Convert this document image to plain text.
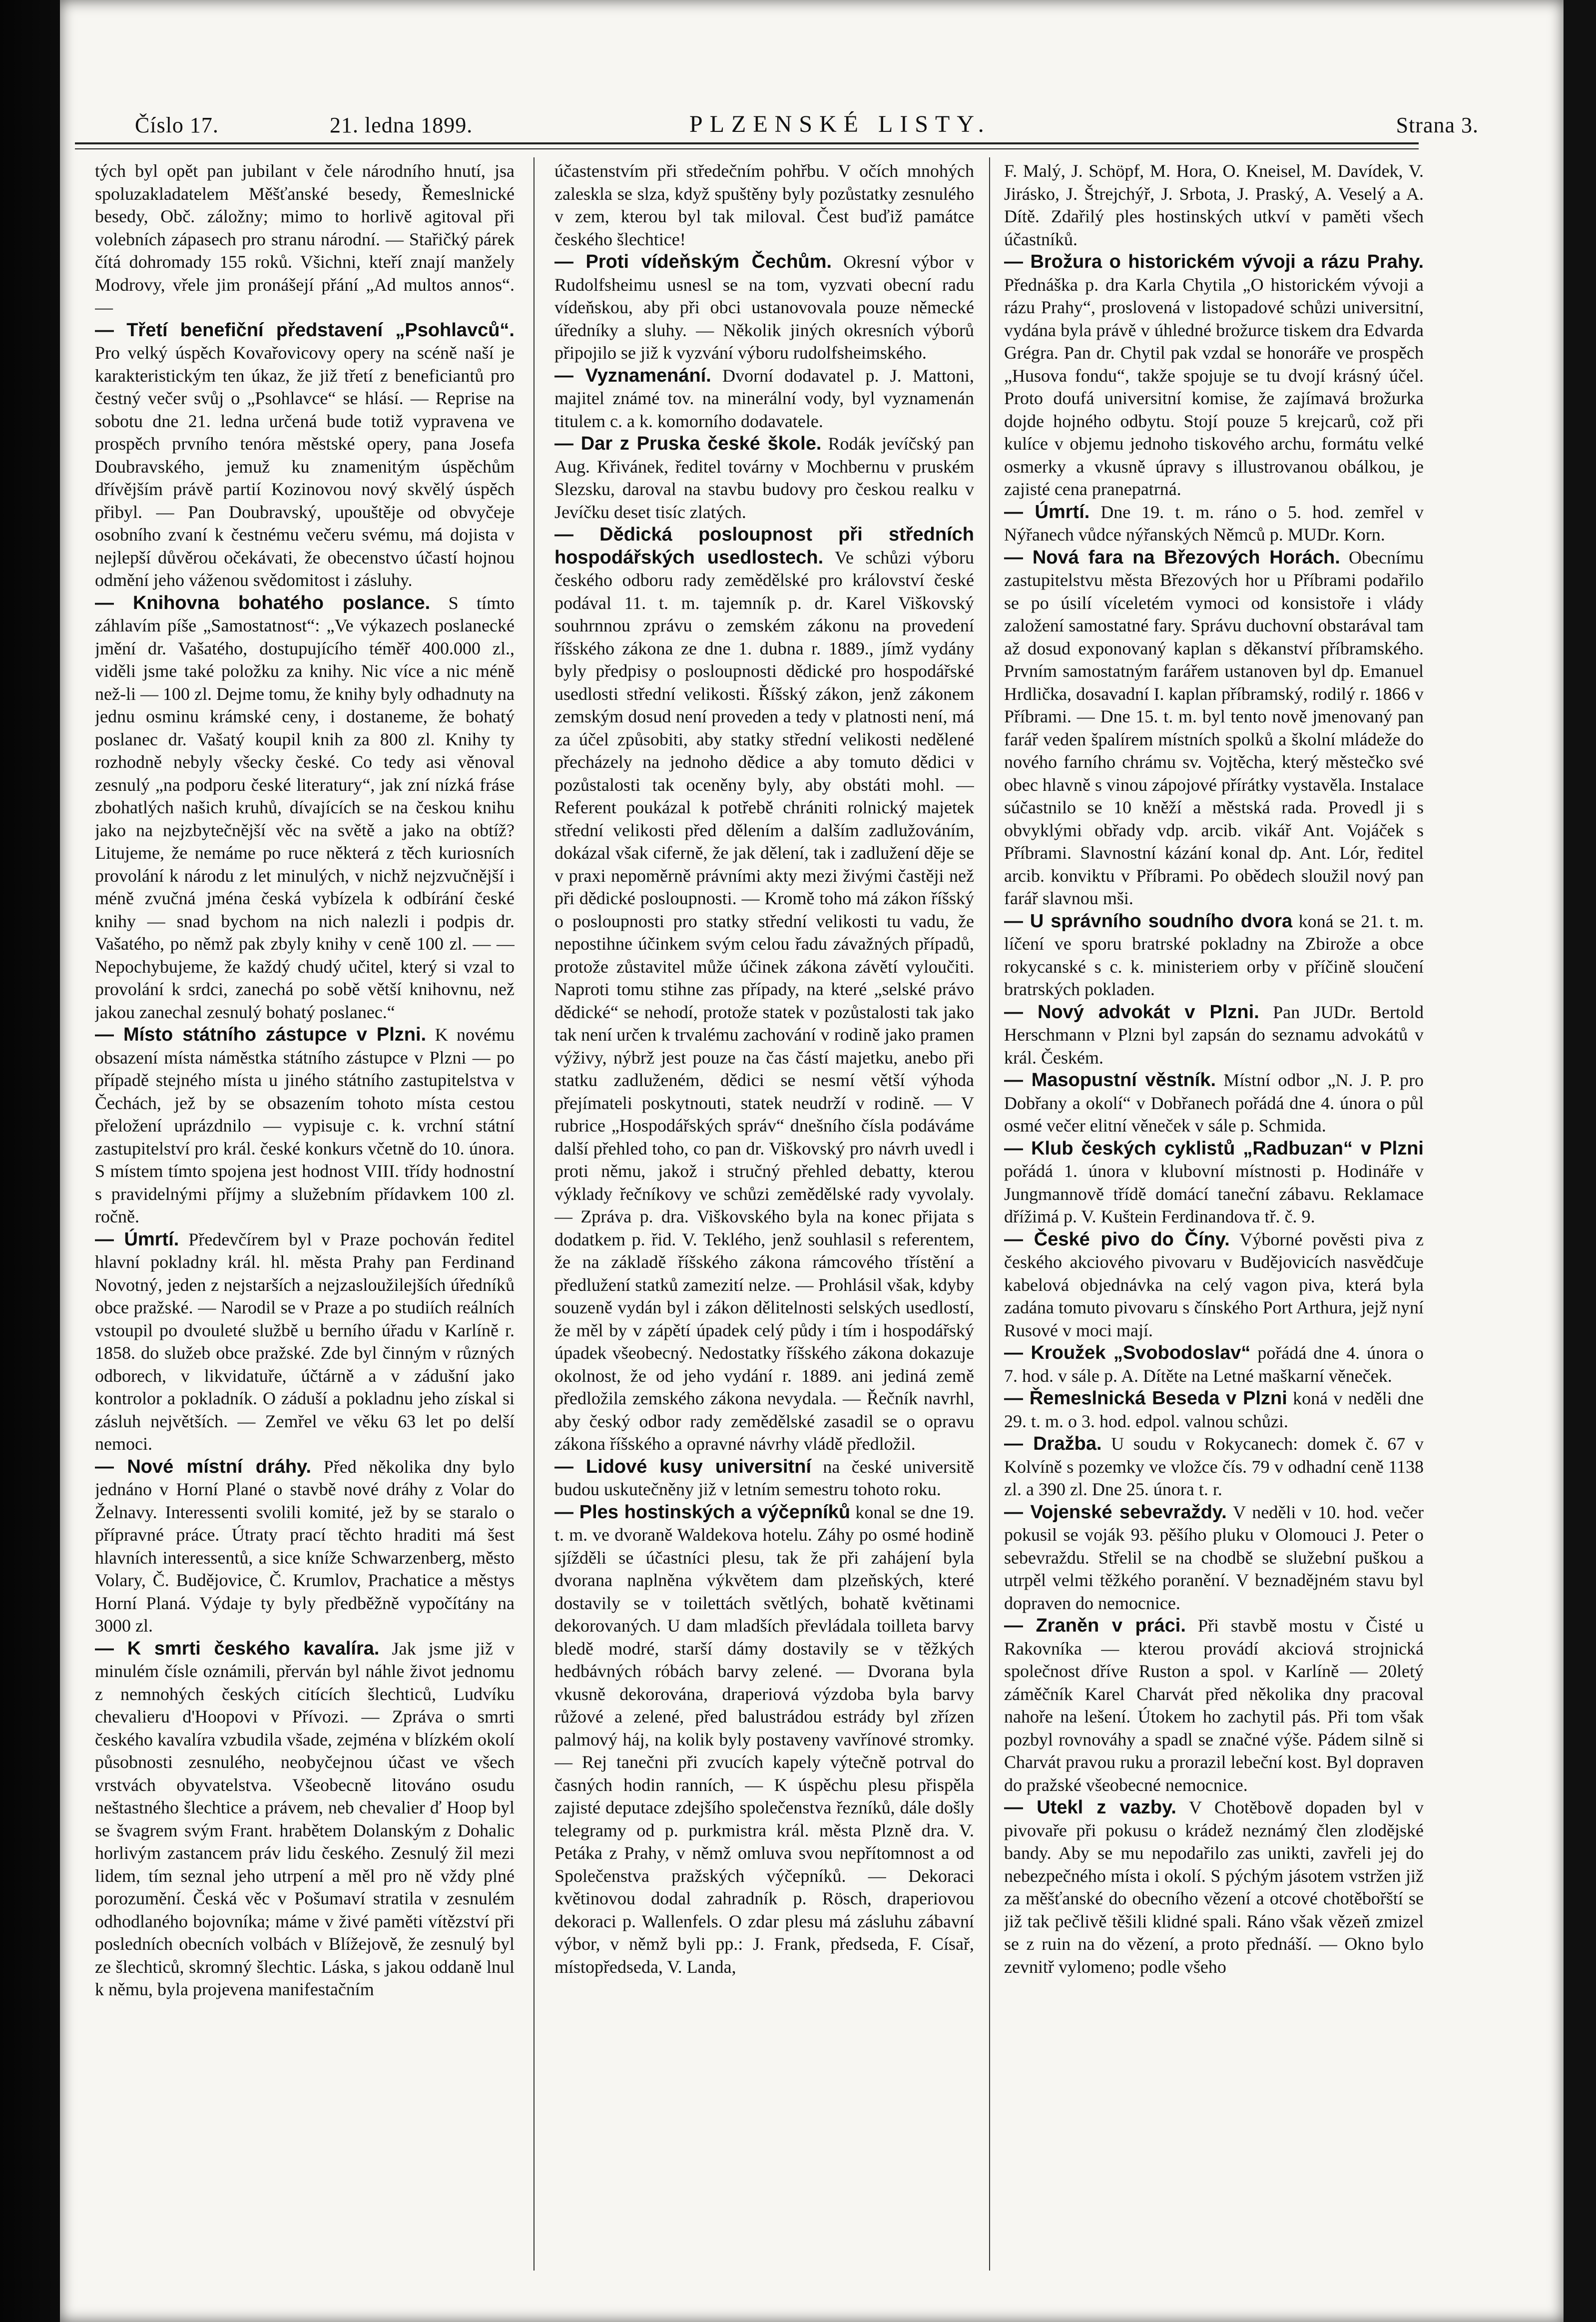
Číslo 17.	21. ledna 1899.	PLZENSKÉ LISTY.	Strana 3.

tých byl opět pan jubilant v čele národního hnutí, jsa spoluzakladatelem Měšťanské besedy, Řemeslnické besedy, Obč. záložny; mimo to horlivě agitoval při volebních zápasech pro stranu národní. — Stařičký párek čítá dohromady 155 roků. Všichni, kteří znají manžely Modrovy, vřele jim pronášejí přání „Ad multos annos“. —

— Třetí benefiční představení „Psohlavců“. Pro velký úspěch Kovařovicovy opery na scéně naší je karakteristickým ten úkaz, že již třetí z beneficiantů pro čestný večer svůj o „Psohlavce“ se hlásí. — Reprise na sobotu dne 21. ledna určená bude totiž vypravena ve prospěch prvního tenóra městské opery, pana Josefa Doubravského, jemuž ku znamenitým úspěchům dřívějším právě partií Kozinovou nový skvělý úspěch přibyl. — Pan Doubravský, upouštěje od obvyčeje osobního zvaní k čestnému večeru svému, má dojista v nejlepší důvěrou očekávati, že obecenstvo účastí hojnou odmění jeho váženou svědomitost i zásluhy.

— Knihovna bohatého poslance. S tímto záhlavím píše „Samostatnost“: „Ve výkazech poslanecké jmění dr. Vašatého, dostupujícího téměř 400.000 zl., viděli jsme také položku za knihy. Nic více a nic méně než-li — 100 zl. Dejme tomu, že knihy byly odhadnuty na jednu osminu krámské ceny, i dostaneme, že bohatý poslanec dr. Vašatý koupil knih za 800 zl. Knihy ty rozhodně nebyly všecky české. Co tedy asi věnoval zesnulý „na podporu české literatury“, jak zní nízká fráse zbohatlých našich kruhů, dívajících se na českou knihu jako na nejzbytečnější věc na světě a jako na obtíž? Litujeme, že nemáme po ruce některá z těch kuriosních provolání k národu z let minulých, v nichž nejzvučnější i méně zvučná jména česká vybízela k odbírání české knihy — snad bychom na nich nalezli i podpis dr. Vašatého, po němž pak zbyly knihy v ceně 100 zl. — — Nepochybujeme, že každý chudý učitel, který si vzal to provolání k srdci, zanechá po sobě větší knihovnu, než jakou zanechal zesnulý bohatý poslanec.“

— Místo státního zástupce v Plzni. K novému obsazení místa náměstka státního zástupce v Plzni — po případě stejného místa u jiného státního zastupitelstva v Čechách, jež by se obsazením tohoto místa cestou přeložení uprázdnilo — vypisuje c. k. vrchní státní zastupitelství pro král. české konkurs včetně do 10. února. S místem tímto spojena jest hodnost VIII. třídy hodnostní s pravidelnými příjmy a služebním přídavkem 100 zl. ročně.

— Úmrtí. Předevčírem byl v Praze pochován ředitel hlavní pokladny král. hl. města Prahy pan Ferdinand Novotný, jeden z nejstarších a nejzasloužilejších úředníků obce pražské. — Narodil se v Praze a po studiích reálních vstoupil po dvouleté službě u berního úřadu v Karlíně r. 1858. do služeb obce pražské. Zde byl činným v různých odborech, v likvidatuře, účtárně a v zádušní jako kontrolor a pokladník. O záduší a pokladnu jeho získal si zásluh největších. — Zemřel ve věku 63 let po delší nemoci.

— Nové místní dráhy. Před několika dny bylo jednáno v Horní Plané o stavbě nové dráhy z Volar do Želnavy. Interessenti svolili komité, jež by se staralo o přípravné práce. Útraty prací těchto hraditi má šest hlavních interessentů, a sice kníže Schwarzenberg, město Volary, Č. Budějovice, Č. Krumlov, Prachatice a městys Horní Planá. Výdaje ty byly předběžně vypočítány na 3000 zl.

— K smrti českého kavalíra. Jak jsme již v minulém čísle oznámili, přerván byl náhle život jednomu z nemnohých českých citících šlechticů, Ludvíku chevalieru d'Hoopovi v Přívozi. — Zpráva o smrti českého kavalíra vzbudila všade, zejména v blízkém okolí působnosti zesnulého, neobyčejnou účast ve všech vrstvách obyvatelstva. Všeobecně litováno osudu neštastného šlechtice a právem, neb chevalier ď Hoop byl se švagrem svým Frant. hrabětem Dolanským z Dohalic horlivým zastancem práv lidu českého. Zesnulý žil mezi lidem, tím seznal jeho utrpení a měl pro ně vždy plné porozumění. Česká věc v Pošumaví stratila v zesnulém odhodlaného bojovníka; máme v živé paměti vítězství při posledních obecních volbách v Blížejově, že zesnulý byl ze šlechticů, skromný šlechtic. Láska, s jakou oddaně lnul k němu, byla projevena manifestačním

účastenstvím při středečním pohřbu. V očích mnohých zaleskla se slza, když spuštěny byly pozůstatky zesnulého v zem, kterou byl tak miloval. Čest buďiž památce českého šlechtice!

— Proti vídeňským Čechům. Okresní výbor v Rudolfsheimu usnesl se na tom, vyzvati obecní radu vídeňskou, aby při obci ustanovovala pouze německé úředníky a sluhy. — Několik jiných okresních výborů připojilo se již k vyzvání výboru rudolfsheimského.

— Vyznamenání. Dvorní dodavatel p. J. Mattoni, majitel známé tov. na minerální vody, byl vyznamenán titulem c. a k. komorního dodavatele.

— Dar z Pruska české škole. Rodák jevíčský pan Aug. Křivánek, ředitel továrny v Mochbernu v pruském Slezsku, daroval na stavbu budovy pro českou realku v Jevíčku deset tisíc zlatých.

— Dědická posloupnost při středních hospodářských usedlostech. Ve schůzi výboru českého odboru rady zemědělské pro království české podával 11. t. m. tajemník p. dr. Karel Viškovský souhrnnou zprávu o zemském zákonu na provedení říšského zákona ze dne 1. dubna r. 1889., jímž vydány byly předpisy o posloupnosti dědické pro hospodářské usedlosti střední velikosti. Říšský zákon, jenž zákonem zemským dosud není proveden a tedy v platnosti není, má za účel způsobiti, aby statky střední velikosti nedělené přecházely na jednoho dědice a aby tomuto dědici v pozůstalosti tak oceněny byly, aby obstáti mohl. — Referent poukázal k potřebě chrániti rolnický majetek střední velikosti před dělením a dalším zadlužováním, dokázal však ciferně, že jak dělení, tak i zadlužení děje se v praxi nepoměrně právními akty mezi živými častěji než při dědické posloupnosti. — Kromě toho má zákon říšský o posloupnosti pro statky střední velikosti tu vadu, že nepostihne účinkem svým celou řadu závažných případů, protože zůstavitel může účinek zákona závětí vyloučiti. Naproti tomu stihne zas případy, na které „selské právo dědické“ se nehodí, protože statek v pozůstalosti tak jako tak není určen k trvalému zachování v rodině jako pramen výživy, nýbrž jest pouze na čas částí majetku, anebo při statku zadluženém, dědici se nesmí větší výhoda přejímateli poskytnouti, statek neudrží v rodině. — V rubrice „Hospodářských správ“ dnešního čísla podáváme další přehled toho, co pan dr. Viškovský pro návrh uvedl i proti němu, jakož i stručný přehled debatty, kterou výklady řečníkovy ve schůzi zemědělské rady vyvolaly. — Zpráva p. dra. Viškovského byla na konec přijata s dodatkem p. řid. V. Teklého, jenž souhlasil s referentem, že na základě říšského zákona rámcového třístění a předlužení statků zamezití nelze. — Prohlásil však, kdyby souzeně vydán byl i zákon dělitelnosti selských usedlostí, že měl by v zápětí úpadek celý půdy i tím i hospodářský úpadek všeobecný. Nedostatky říšského zákona dokazuje okolnost, že od jeho vydání r. 1889. ani jediná země předložila zemského zákona nevydala. — Řečník navrhl, aby český odbor rady zemědělské zasadil se o opravu zákona říšského a opravné návrhy vládě předložil.

— Lidové kusy universitní na české universitě budou uskutečněny již v letním semestru tohoto roku.

— Ples hostinských a výčepníků konal se dne 19. t. m. ve dvoraně Waldekova hotelu. Záhy po osmé hodině sjížděli se účastníci plesu, tak že při zahájení byla dvorana naplněna výkvětem dam plzeňských, které dostavily se v toilettách světlých, bohatě květinami dekorovaných. U dam mladších převládala toilleta barvy bledě modré, starší dámy dostavily se v těžkých hedbávných róbách barvy zelené. — Dvorana byla vkusně dekorována, draperiová výzdoba byla barvy růžové a zelené, před balustrádou estrády byl zřízen palmový háj, na kolik byly postaveny vavřínové stromky. — Rej tanečni při zvucích kapely výtečně potrval do časných hodin ranních, — K úspěchu plesu přispěla zajisté deputace zdejšího společenstva řezníků, dále došly telegramy od p. purkmistra král. města Plzně dra. V. Petáka z Prahy, v němž omluva svou nepřítomnost a od Společenstva pražských výčepníků. — Dekoraci květinovou dodal zahradník p. Rösch, draperiovou dekoraci p. Wallenfels. O zdar plesu má zásluhu zábavní výbor, v němž byli pp.: J. Frank, předseda, F. Císař, místopředseda, V. Landa,

F. Malý, J. Schöpf, M. Hora, O. Kneisel, M. Davídek, V. Jirásko, J. Štrejchýř, J. Srbota, J. Praský, A. Veselý a A. Dítě. Zdařilý ples hostinských utkví v paměti všech účastníků.

— Brožura o historickém vývoji a rázu Prahy. Přednáška p. dra Karla Chytila „O historickém vývoji a rázu Prahy“, proslovená v listopadové schůzi universitní, vydána byla právě v úhledné brožurce tiskem dra Edvarda Grégra. Pan dr. Chytil pak vzdal se honoráře ve prospěch „Husova fondu“, takže spojuje se tu dvojí krásný účel. Proto doufá universitní komise, že zajímavá brožurka dojde hojného odbytu. Stojí pouze 5 krejcarů, což při kulíce v objemu jednoho tiskového archu, formátu velké osmerky a vkusně úpravy s illustrovanou obálkou, je zajisté cena pranepatrná.

— Úmrtí. Dne 19. t. m. ráno o 5. hod. zemřel v Nýřanech vůdce nýřanských Němců p. MUDr. Korn.

— Nová fara na Březových Horách. Obecnímu zastupitelstvu města Březových hor u Příbrami podařilo se po úsilí víceletém vymoci od konsistoře i vlády založení samostatné fary. Správu duchovní obstarával tam až dosud exponovaný kaplan s děkanství příbramského. Prvním samostatným farářem ustanoven byl dp. Emanuel Hrdlička, dosavadní I. kaplan příbramský, rodilý r. 1866 v Příbrami. — Dne 15. t. m. byl tento nově jmenovaný pan farář veden špalírem místních spolků a školní mládeže do nového farního chrámu sv. Vojtěcha, který městečko své obec hlavně s vinou zápojové přírátky vystavěla. Instalace súčastnilo se 10 kněží a městská rada. Provedl ji s obvyklými obřady vdp. arcib. vikář Ant. Vojáček s Příbrami. Slavnostní kázání konal dp. Ant. Lór, ředitel arcib. konviktu v Příbrami. Po obědech sloužil nový pan farář slavnou mši.

— U správního soudního dvora koná se 21. t. m. líčení ve sporu bratrské pokladny na Zbirože a obce rokycanské s c. k. ministeriem orby v příčině sloučení bratrských pokladen.

— Nový advokát v Plzni. Pan JUDr. Bertold Herschmann v Plzni byl zapsán do seznamu advokátů v král. Českém.

— Masopustní věstník. Místní odbor „N. J. P. pro Dobřany a okolí“ v Dobřanech pořádá dne 4. února o půl osmé večer elitní věneček v sále p. Schmida.

— Klub českých cyklistů „Radbuzan“ v Plzni pořádá 1. února v klubovní místnosti p. Hodináře v Jungmannově třídě domácí taneční zábavu. Reklamace dřížimá p. V. Kuštein Ferdinandova tř. č. 9.

— České pivo do Číny. Výborné pověsti piva z českého akciového pivovaru v Budějovicích nasvědčuje kabelová objednávka na celý vagon piva, která byla zadána tomuto pivovaru s čínského Port Arthura, jejž nyní Rusové v moci mají.

— Kroužek „Svobodoslav“ pořádá dne 4. února o 7. hod. v sále p. A. Dítěte na Letné maškarní věneček.

— Řemeslnická Beseda v Plzni koná v neděli dne 29. t. m. o 3. hod. edpol. valnou schůzi.

— Dražba. U soudu v Rokycanech: domek č. 67 v Kolvíně s pozemky ve vložce čís. 79 v odhadní ceně 1138 zl. a 390 zl. Dne 25. února t. r.

— Vojenské sebevraždy. V neděli v 10. hod. večer pokusil se voják 93. pěšího pluku v Olomouci J. Peter o sebevraždu. Střelil se na chodbě se služební puškou a utrpěl velmi těžkého poranění. V beznadějném stavu byl dopraven do nemocnice.

— Zraněn v práci. Při stavbě mostu v Čisté u Rakovníka — kterou provádí akciová strojnická společnost dříve Ruston a spol. v Karlíně — 20letý záměčník Karel Charvát před několika dny pracoval nahoře na lešení. Útokem ho zachytil pás. Při tom však pozbyl rovnováhy a spadl se značné výše. Pádem silně si Charvát pravou ruku a prorazil lebeční kost. Byl dopraven do pražské všeobecné nemocnice.

— Utekl z vazby. V Chotěbově dopaden byl v pivovaře při pokusu o krádež neznámý člen zlodějské bandy. Aby se mu nepodařilo zas unikti, zavřeli jej do nebezpečného místa i okolí. S pýchým jásotem vstržen již za měšťanské do obecního vězení a otcové chotěbořští se již tak pečlivě těšili klidné spali. Ráno však vězeň zmizel se z ruin na do vězení, a proto přednáší. — Okno bylo zevnitř vylomeno; podle všeho
